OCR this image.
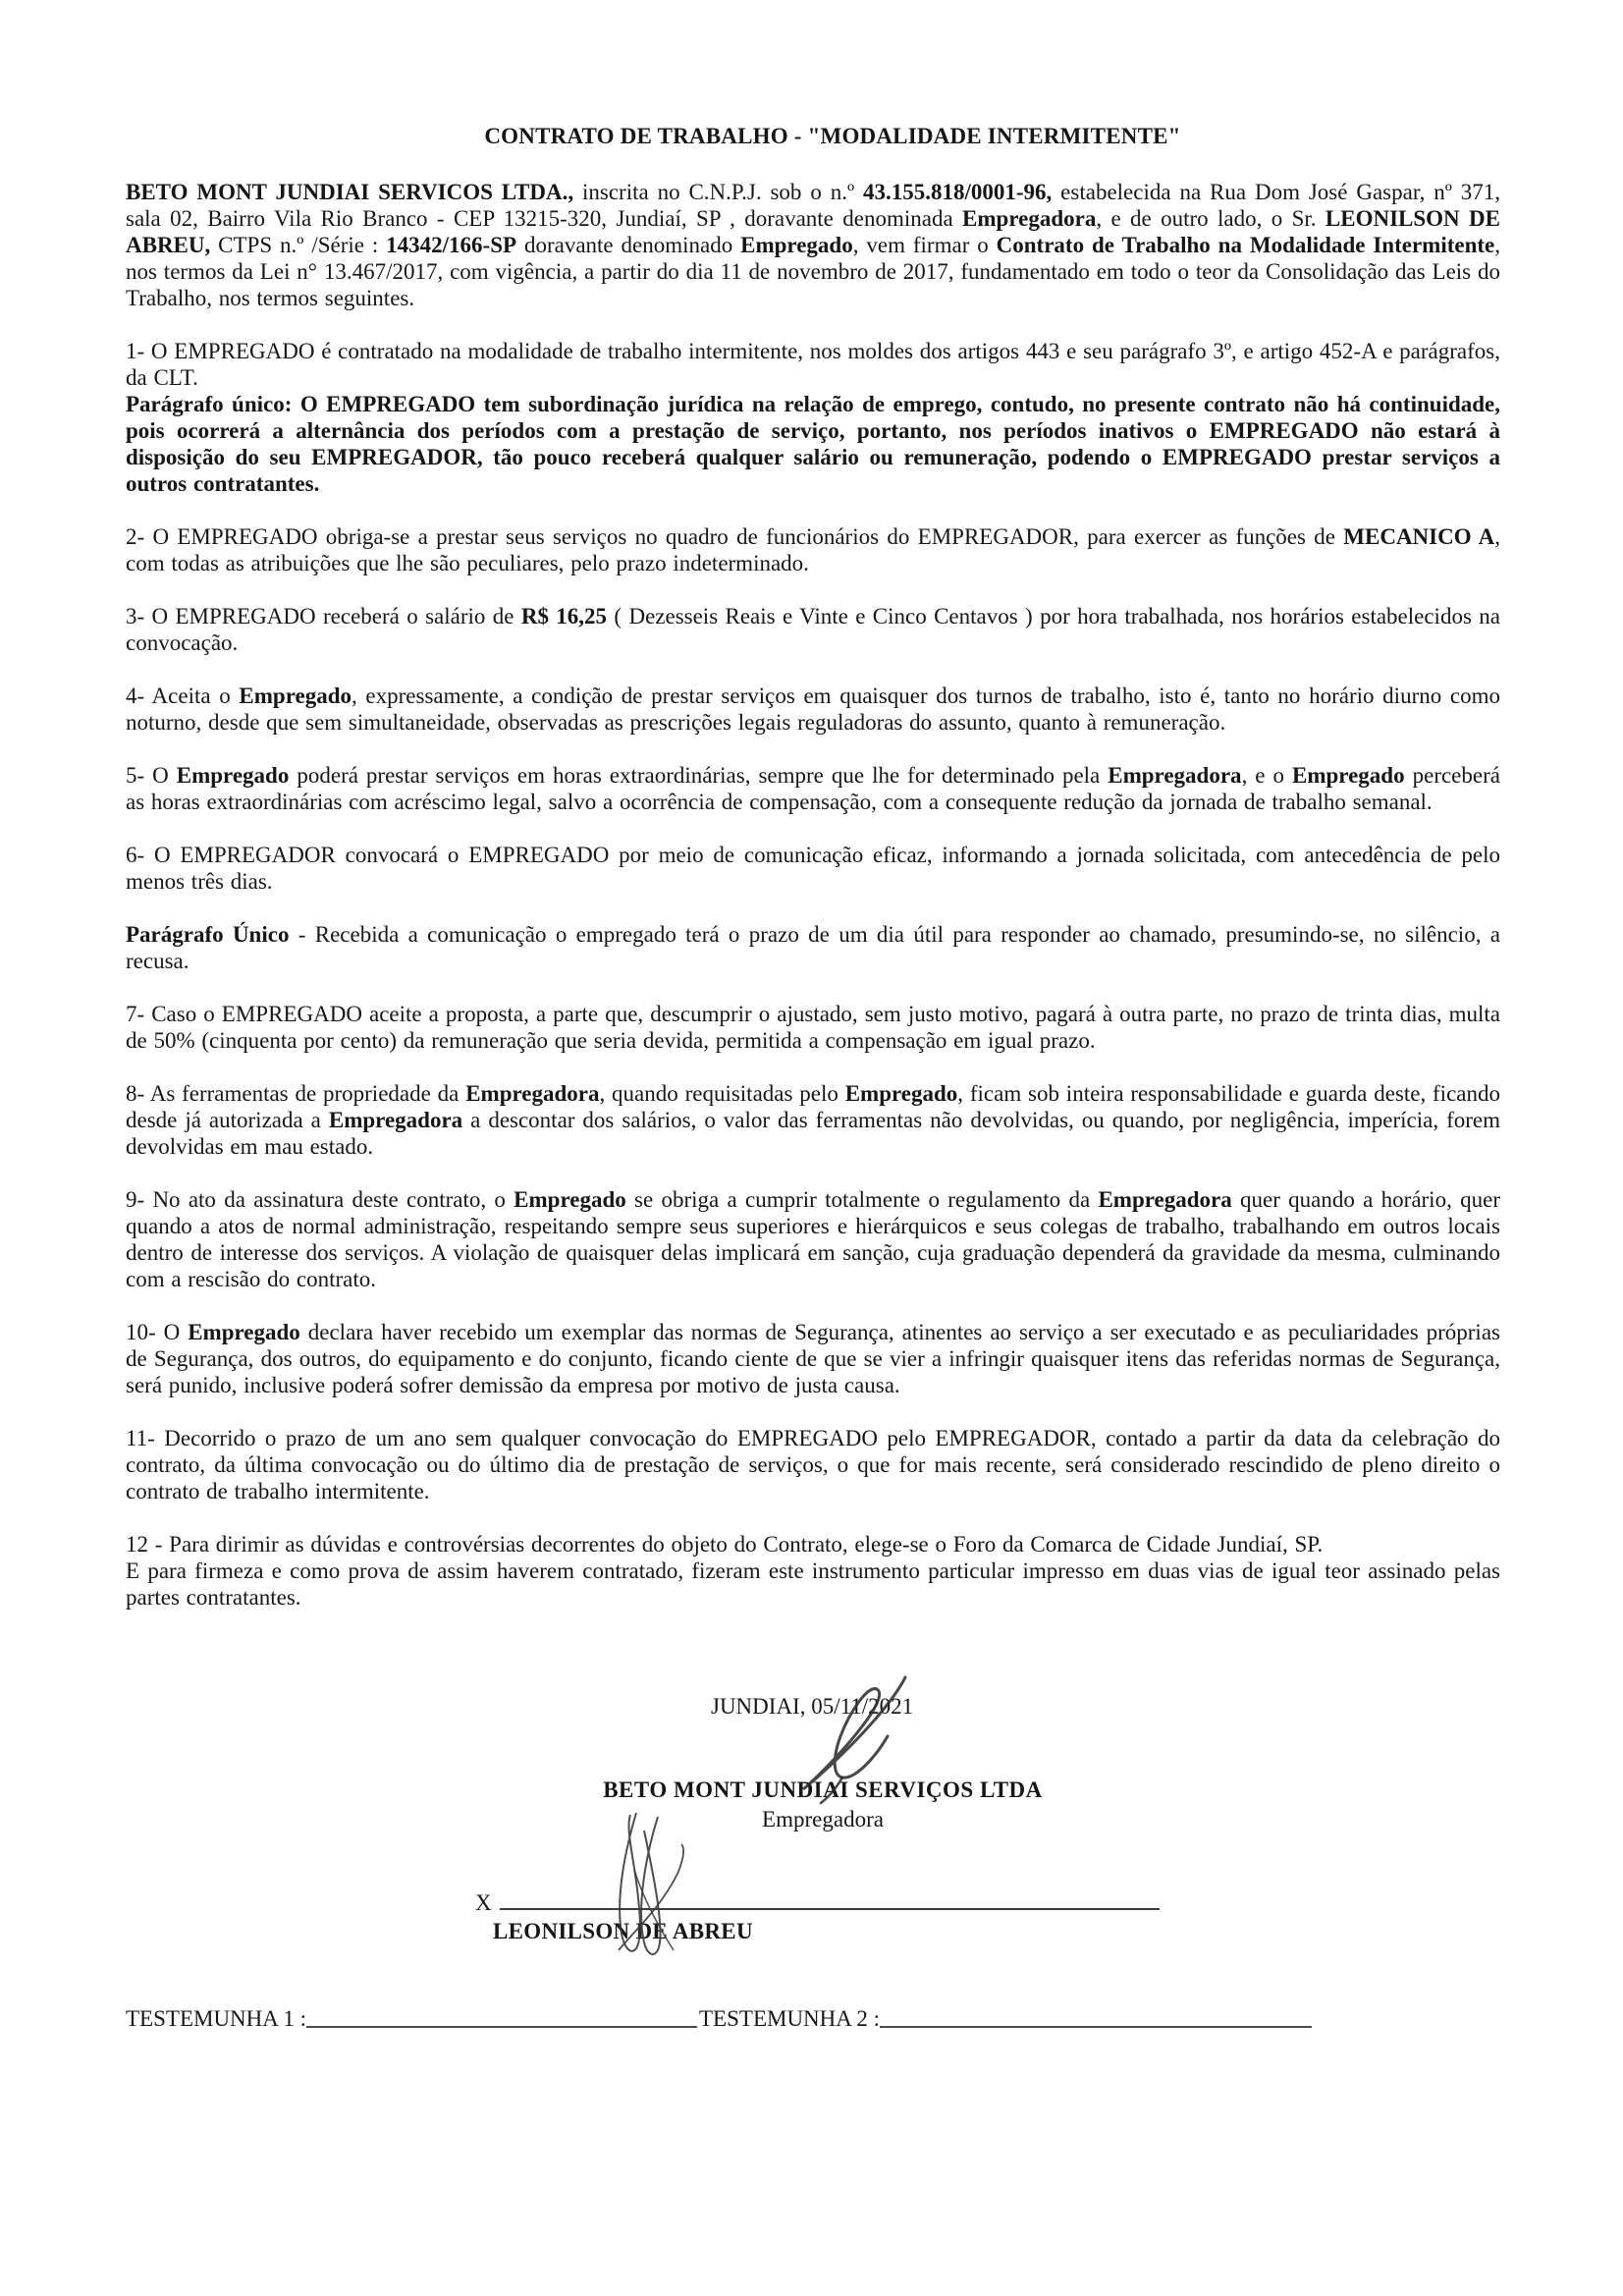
CONTRATO DE TRABALHO - "MODALIDADE INTERMITENTE"

BETO MONT JUNDIAI SERVICOS LTDA., inscrita no C.N.P.J. sob o n.º 43.155.818/0001-96, estabelecida na Rua Dom José Gaspar, nº 371, sala 02, Bairro Vila Rio Branco - CEP 13215-320, Jundiaí, SP , doravante denominada Empregadora, e de outro lado, o Sr. LEONILSON DE ABREU, CTPS n.º /Série : 14342/166-SP doravante denominado Empregado, vem firmar o Contrato de Trabalho na Modalidade Intermitente, nos termos da Lei n° 13.467/2017, com vigência, a partir do dia 11 de novembro de 2017, fundamentado em todo o teor da Consolidação das Leis do Trabalho, nos termos seguintes.

1- O EMPREGADO é contratado na modalidade de trabalho intermitente, nos moldes dos artigos 443 e seu parágrafo 3º, e artigo 452-A e parágrafos, da CLT.

Parágrafo único: O EMPREGADO tem subordinação jurídica na relação de emprego, contudo, no presente contrato não há continuidade, pois ocorrerá a alternância dos períodos com a prestação de serviço, portanto, nos períodos inativos o EMPREGADO não estará à disposição do seu EMPREGADOR, tão pouco receberá qualquer salário ou remuneração, podendo o EMPREGADO prestar serviços a outros contratantes.

2- O EMPREGADO obriga-se a prestar seus serviços no quadro de funcionários do EMPREGADOR, para exercer as funções de MECANICO A, com todas as atribuições que lhe são peculiares, pelo prazo indeterminado.

3- O EMPREGADO receberá o salário de R$ 16,25 ( Dezesseis Reais e Vinte e Cinco Centavos ) por hora trabalhada, nos horários estabelecidos na convocação.

4- Aceita o Empregado, expressamente, a condição de prestar serviços em quaisquer dos turnos de trabalho, isto é, tanto no horário diurno como noturno, desde que sem simultaneidade, observadas as prescrições legais reguladoras do assunto, quanto à remuneração.

5- O Empregado poderá prestar serviços em horas extraordinárias, sempre que lhe for determinado pela Empregadora, e o Empregado perceberá as horas extraordinárias com acréscimo legal, salvo a ocorrência de compensação, com a consequente redução da jornada de trabalho semanal.

6- O EMPREGADOR convocará o EMPREGADO por meio de comunicação eficaz, informando a jornada solicitada, com antecedência de pelo menos três dias.

Parágrafo Único - Recebida a comunicação o empregado terá o prazo de um dia útil para responder ao chamado, presumindo-se, no silêncio, a recusa.

7- Caso o EMPREGADO aceite a proposta, a parte que, descumprir o ajustado, sem justo motivo, pagará à outra parte, no prazo de trinta dias, multa de 50% (cinquenta por cento) da remuneração que seria devida, permitida a compensação em igual prazo.

8- As ferramentas de propriedade da Empregadora, quando requisitadas pelo Empregado, ficam sob inteira responsabilidade e guarda deste, ficando desde já autorizada a Empregadora a descontar dos salários, o valor das ferramentas não devolvidas, ou quando, por negligência, imperícia, forem devolvidas em mau estado.

9- No ato da assinatura deste contrato, o Empregado se obriga a cumprir totalmente o regulamento da Empregadora quer quando a horário, quer quando a atos de normal administração, respeitando sempre seus superiores e hierárquicos e seus colegas de trabalho, trabalhando em outros locais dentro de interesse dos serviços. A violação de quaisquer delas implicará em sanção, cuja graduação dependerá da gravidade da mesma, culminando com a rescisão do contrato.

10- O Empregado declara haver recebido um exemplar das normas de Segurança, atinentes ao serviço a ser executado e as peculiaridades próprias de Segurança, dos outros, do equipamento e do conjunto, ficando ciente de que se vier a infringir quaisquer itens das referidas normas de Segurança, será punido, inclusive poderá sofrer demissão da empresa por motivo de justa causa.

11- Decorrido o prazo de um ano sem qualquer convocação do EMPREGADO pelo EMPREGADOR, contado a partir da data da celebração do contrato, da última convocação ou do último dia de prestação de serviços, o que for mais recente, será considerado rescindido de pleno direito o contrato de trabalho intermitente.

12 - Para dirimir as dúvidas e controvérsias decorrentes do objeto do Contrato, elege-se o Foro da Comarca de Cidade Jundiaí, SP.

E para firmeza e como prova de assim haverem contratado, fizeram este instrumento particular impresso em duas vias de igual teor assinado pelas partes contratantes.

JUNDIAI, 05/11/2021
BETO MONT JUNDIAI SERVIÇOS LTDA
Empregadora
X
LEONILSON DE ABREU
TESTEMUNHA 1 :	TESTEMUNHA 2 :
